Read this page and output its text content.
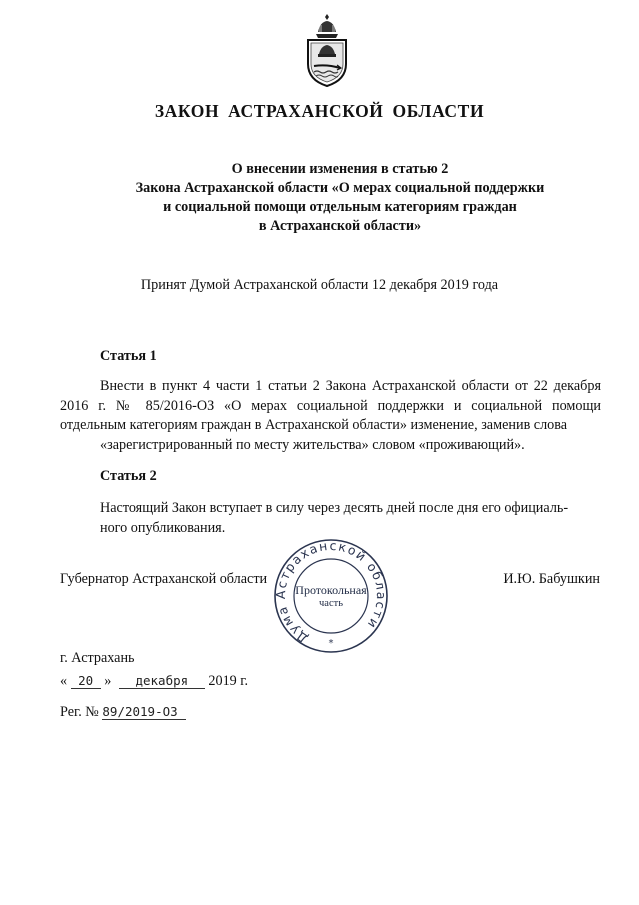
ЗАКОН АСТРАХАНСКОЙ ОБЛАСТИ
О внесении изменения в статью 2
Закона Астраханской области «О мерах социальной поддержки
и социальной помощи отдельным категориям граждан
в Астраханской области»
Принят Думой Астраханской области 12 декабря 2019 года
Статья 1
Внести в пункт 4 части 1 статьи 2 Закона Астраханской области от 22 декабря 2016 г. № 85/2016-ОЗ «О мерах социальной поддержки и социальной помощи отдельным категориям граждан в Астраханской области» изменение, заменив слова
«зарегистрированный по месту жительства» словом «проживающий».
Статья 2
Настоящий Закон вступает в силу через десять дней после дня его официаль-
ного опубликования.
Губернатор Астраханской области	И.Ю. Бабушкин
Дума Астраханской области
*
Протокольная
часть
г. Астрахань
« 20 » декабря 2019 г.
Рег. № 89/2019-ОЗ
